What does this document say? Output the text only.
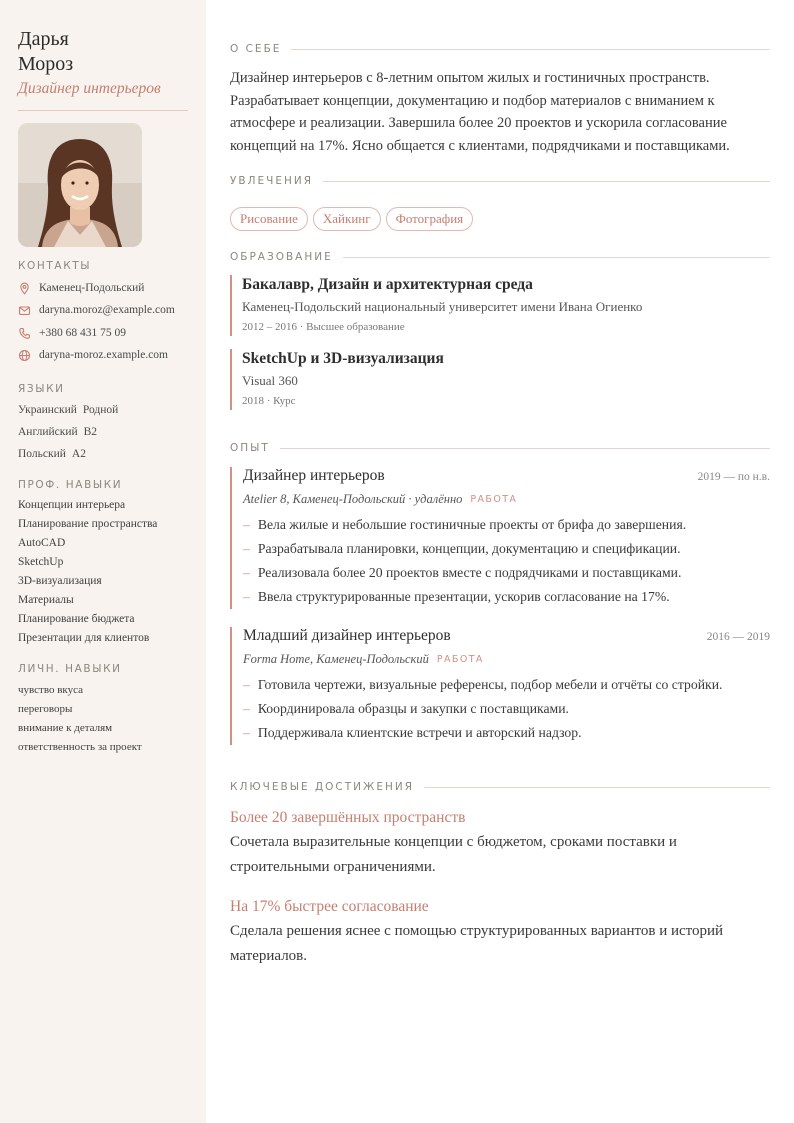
Дарья
Мороз
Дизайнер интерьеров
КОНТАКТЫ
Каменец-Подольский
daryna.moroz@example.com
+380 68 431 75 09
daryna-moroz.example.com
ЯЗЫКИ
Украинский Родной
Английский B2
Польский A2
ПРОФ. НАВЫКИ
Концепции интерьера
Планирование пространства
AutoCAD
SketchUp
3D-визуализация
Материалы
Планирование бюджета
Презентации для клиентов
ЛИЧН. НАВЫКИ
чувство вкуса
переговоры
внимание к деталям
ответственность за проект
О СЕБЕ
Дизайнер интерьеров с 8-летним опытом жилых и гостиничных пространств. Разрабатывает концепции, документацию и подбор материалов с вниманием к атмосфере и реализации. Завершила более 20 проектов и ускорила согласование концепций на 17%. Ясно общается с клиентами, подрядчиками и поставщиками.
УВЛЕЧЕНИЯ
Рисование	Хайкинг	Фотография
ОБРАЗОВАНИЕ
Бакалавр, Дизайн и архитектурная среда
Каменец-Подольский национальный университет имени Ивана Огиенко
2012 – 2016 · Высшее образование
SketchUp и 3D-визуализация
Visual 360
2018 · Курс
ОПЫТ
Дизайнер интерьеров	2019 — по н.в.
Atelier 8, Каменец-Подольский · удалённо РАБОТА
– Вела жилые и небольшие гостиничные проекты от брифа до завершения.
– Разрабатывала планировки, концепции, документацию и спецификации.
– Реализовала более 20 проектов вместе с подрядчиками и поставщиками.
– Ввела структурированные презентации, ускорив согласование на 17%.
Младший дизайнер интерьеров	2016 — 2019
Forma Home, Каменец-Подольский РАБОТА
– Готовила чертежи, визуальные референсы, подбор мебели и отчёты со стройки.
– Координировала образцы и закупки с поставщиками.
– Поддерживала клиентские встречи и авторский надзор.
КЛЮЧЕВЫЕ ДОСТИЖЕНИЯ
Более 20 завершённых пространств
Сочетала выразительные концепции с бюджетом, сроками поставки и строительными ограничениями.
На 17% быстрее согласование
Сделала решения яснее с помощью структурированных вариантов и историй материалов.
